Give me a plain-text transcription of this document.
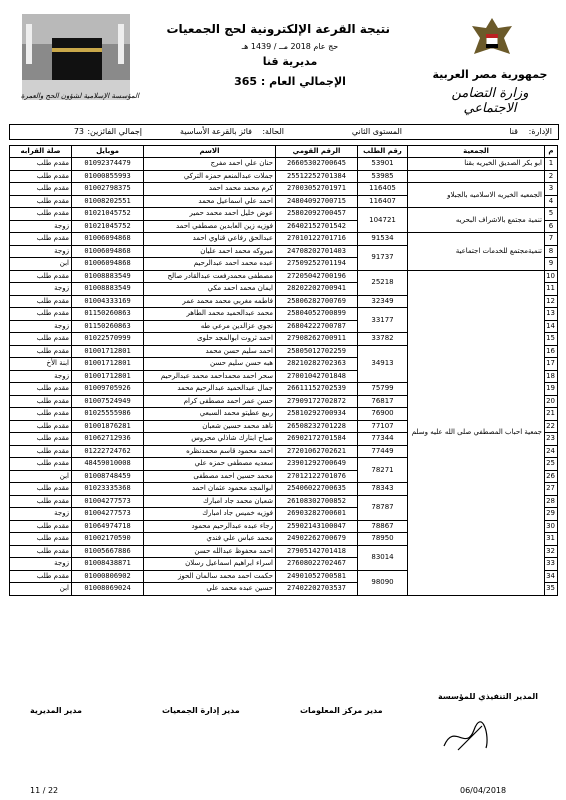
المؤسسة الإسلامية لشؤون الحج والعمرة
نتيجة القرعة الإلكترونية لحج الجمعيات
حج عام 2018 مــ / 1439 هـ
مديرية قنا
الإجمالي العام : 365
جمهورية مصر العربية
وزارة التضامن الاجتماعي
الإدارة:
قنا
المستوى الثاني
الحالة:
فائز بالقرعة الأساسية
إجمالي الفائزين:
73
م	الجمعية	رقم الطلب	الرقم القومي	الاسم	موبايل	صلة القرابه
1	ابو بكر الصديق الخيريه بقنا	53901	26605302700645	حنان علي احمد مفرج	01092374479	مقدم طلب
2		53985	25512252701384	جملات عبدالمنعم حمزه التركي	01000855993	مقدم طلب
3	الجمعيه الخيريه الاسلاميه بالجبلاو	116405	27003052701971	كرم محمد محمد احمد	01002798375	مقدم طلب
4		116407	24804092700715	احمد علي اسماعيل محمد	01008202551	مقدم طلب
5	تنمية مجتمع بالاشراف البحريه	104721	25802092700457	عوض خليل احمد محمد حمير	01021045752	مقدم طلب
6			26402152701542	فوزيه زين العابدين مصطفي احمد	01021045752	زوجة
7	تنميةمجتمع للخدمات اجتماعية	91534	27010122701716	عبدالحق رفاعي قناوي احمد	01006094868	مقدم طلب
8		91737	24708202701403	مبروكه محمد احمد عليان	01006094868	زوجة
9			27509252701194	عبده محمد احمد عبدالرحيم	01006094868	ابن
10	جمعية احباب المصطفي صلى الله عليه وسلم	25218	27205042700196	مصطفى محمدرفعت عبدالقادر صالح	01008883549	مقدم طلب
11			28202202700941	ايمان محمد احمد مكي	01008883549	زوجة
12		32349	25806282700769	فاطمه مغربي محمد محمد عمر	01004333169	مقدم طلب
13		33177	25804052700899	محمد عبدالحميد محمد الطاهر	01150260863	مقدم طلب
14			26804222700787	نجوي عزالدين مرعي طه	01150260863	زوجة
15		33782	27908262700911	احمد ثروت ابوالمجد حلوى	01022570999	مقدم طلب
16		34913	25805012702259	احمد سليم حسن محمد	01001712801	مقدم طلب
17			28210282702363	هبه حسن سليم حسن	01001712801	ابنة الأخ
18			27001042701848	سحر احمد محمداحمد محمد عبدالرحيم	01001712801	زوجة
19		75799	26611152702539	جمال عبدالحميد عبدالرحيم محمد	01009705926	مقدم طلب
20		76817	27909172702872	حسن عمر احمد مصطفى كرام	01007524949	مقدم طلب
21		76900	25810292700934	ربيع عطيتو محمد السبعي	01025555986	مقدم طلب
22		77107	26508232701228	ناهد محمد حسين شعبان	01001876281	مقدم طلب
23		77344	26902172701584	صباح ابتارك شاذلي محروس	01062712936	مقدم طلب
24		77449	27201062702621	احمد محمود قاسم محمدنظره	01222724762	مقدم طلب
25		78271	23901292700649	سعديه مصطفى حمزه علي	48459010008	مقدم طلب
26			27012122701076	محمد حسين احمد مصطفى	01008748459	ابن
27		78343	25406022700635	ابوالمجد محمود عثمان احمد	01023335368	مقدم طلب
28		78787	26108302700852	شعبان محمد جاد امبارك	01004277573	مقدم طلب
29			26903282700601	فوزيه خميس جاد امبارك	01004277573	زوجة
30		78867	25902143100047	رجاء عبده عبدالرحيم محمود	01064974718	مقدم طلب
31		78950	24902262700679	محمد عباس علي فندي	01002170590	مقدم طلب
32		83014	27905142701418	احمد محفوظ عبدالله حسن	01005667886	مقدم طلب
33			27608022702467	اسراء ابراهيم اسماعيل رسلان	01008438871	زوجة
34		98090	24901052700581	حكمت احمد محمد سالمان الحوز	01000806902	مقدم طلب
35			27402202703537	حسين عبده محمد علي	01008069024	ابن
مدير المديرية	مدير إدارة الجمعيات	مدير مركز المعلومات
المدير التنفيذي للمؤسسة
11 / 22	06/04/2018
